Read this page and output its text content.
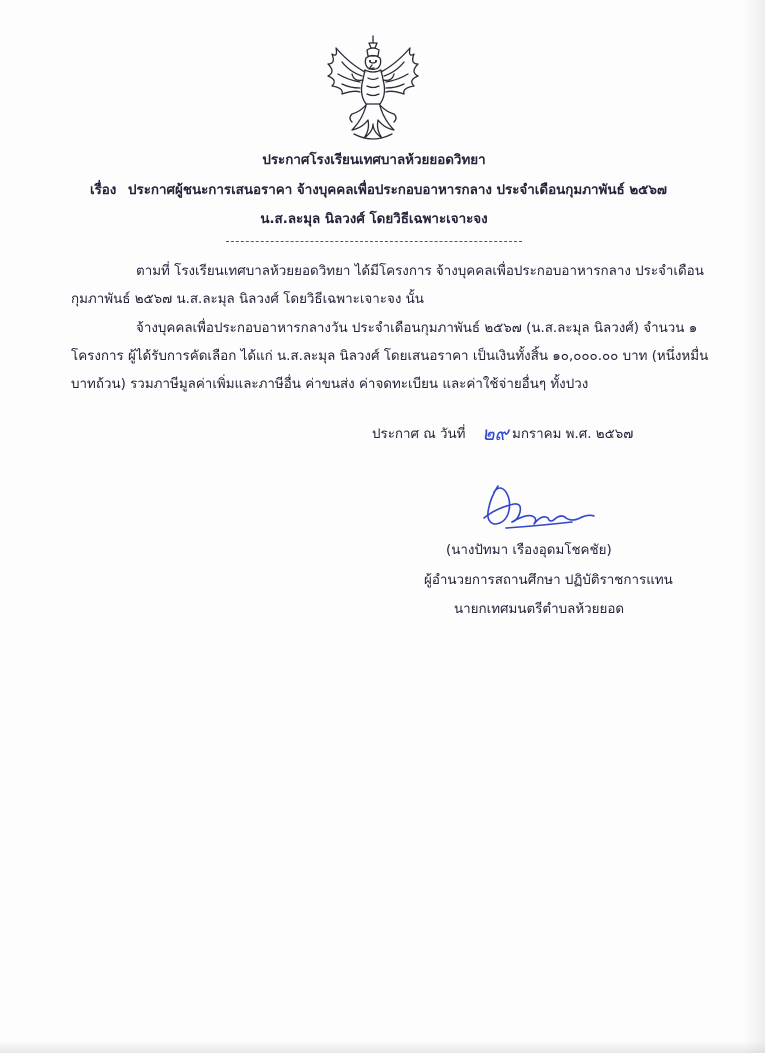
ประกาศโรงเรียนเทศบาลห้วยยอดวิทยา
เรื่อง ประกาศผู้ชนะการเสนอราคา จ้างบุคคลเพื่อประกอบอาหารกลาง ประจำเดือนกุมภาพันธ์ ๒๕๖๗
น.ส.ละมุล นิลวงศ์ โดยวิธีเฉพาะเจาะจง
ตามที่ โรงเรียนเทศบาลห้วยยอดวิทยา ได้มีโครงการ จ้างบุคคลเพื่อประกอบอาหารกลาง ประจำเดือน
กุมภาพันธ์ ๒๕๖๗ น.ส.ละมุล นิลวงศ์ โดยวิธีเฉพาะเจาะจง นั้น
จ้างบุคคลเพื่อประกอบอาหารกลางวัน ประจำเดือนกุมภาพันธ์ ๒๕๖๗ (น.ส.ละมุล นิลวงศ์) จำนวน ๑
โครงการ ผู้ได้รับการคัดเลือก ได้แก่ น.ส.ละมุล นิลวงศ์ โดยเสนอราคา เป็นเงินทั้งสิ้น ๑๐,๐๐๐.๐๐ บาท (หนึ่งหมื่น
บาทถ้วน) รวมภาษีมูลค่าเพิ่มและภาษีอื่น ค่าขนส่ง ค่าจดทะเบียน และค่าใช้จ่ายอื่นๆ ทั้งปวง
ประกาศ ณ วันที่ ๒๙ มกราคม พ.ศ. ๒๕๖๗
(นางปัทมา เรืองอุดมโชคชัย)
ผู้อำนวยการสถานศึกษา ปฏิบัติราชการแทน
นายกเทศมนตรีตำบลห้วยยอด
